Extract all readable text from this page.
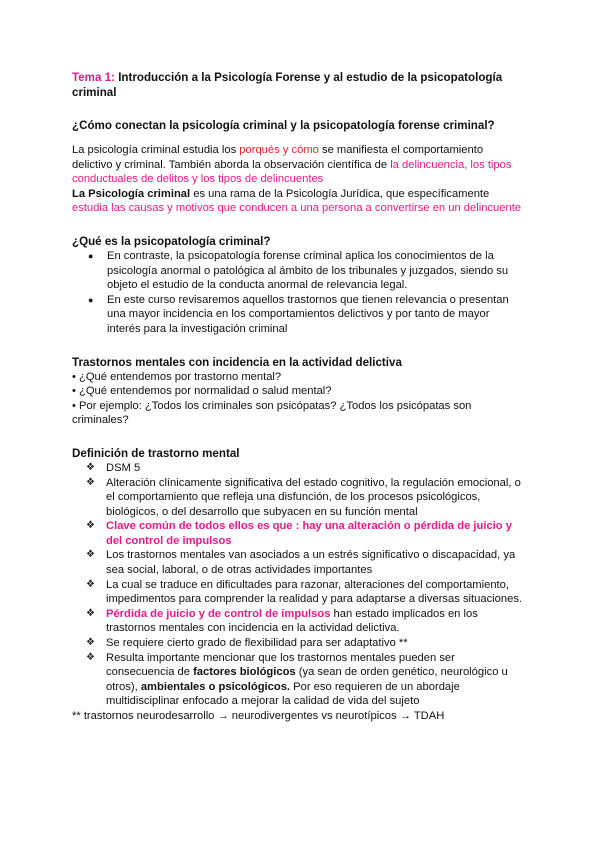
Tema 1: Introducción a la Psicología Forense y al estudio de la psicopatología criminal

¿Cómo conectan la psicología criminal y la psicopatología forense criminal?

La psicología criminal estudia los porqués y cómo se manifiesta el comportamiento delictivo y criminal. También aborda la observación científica de la delincuencia, los tipos conductuales de delitos y los tipos de delincuentes

La Psicología criminal es una rama de la Psicología Jurídica, que específicamente estudia las causas y motivos que conducen a una persona a convertirse en un delincuente

¿Qué es la psicopatología criminal?

● En contraste, la psicopatología forense criminal aplica los conocimientos de la psicología anormal o patológica al ámbito de los tribunales y juzgados, siendo su objeto el estudio de la conducta anormal de relevancia legal.
● En este curso revisaremos aquellos trastornos que tienen relevancia o presentan una mayor incidencia en los comportamientos delictivos y por tanto de mayor interés para la investigación criminal

Trastornos mentales con incidencia en la actividad delictiva

• ¿Qué entendemos por trastorno mental?

• ¿Qué entendemos por normalidad o salud mental?

• Por ejemplo: ¿Todos los criminales son psicópatas? ¿Todos los psicópatas son criminales?

Definición de trastorno mental

❖ DSM 5
❖ Alteración clínicamente significativa del estado cognitivo, la regulación emocional, o el comportamiento que refleja una disfunción, de los procesos psicológicos, biológicos, o del desarrollo que subyacen en su función mental
❖ Clave común de todos ellos es que : hay una alteración o pérdida de juicio y del control de impulsos
❖ Los trastornos mentales van asociados a un estrés significativo o discapacidad, ya sea social, laboral, o de otras actividades importantes
❖ La cual se traduce en dificultades para razonar, alteraciones del comportamiento, impedimentos para comprender la realidad y para adaptarse a diversas situaciones.
❖ Pérdida de juicio y de control de impulsos han estado implicados en los trastornos mentales con incidencia en la actividad delictiva.
❖ Se requiere cierto grado de flexibilidad para ser adaptativo **
❖ Resulta importante mencionar que los trastornos mentales pueden ser consecuencia de factores biológicos (ya sean de orden genético, neurológico u otros), ambientales o psicológicos. Por eso requieren de un abordaje multidisciplinar enfocado a mejorar la calidad de vida del sujeto

** trastornos neurodesarrollo → neurodivergentes vs neurotípicos → TDAH
